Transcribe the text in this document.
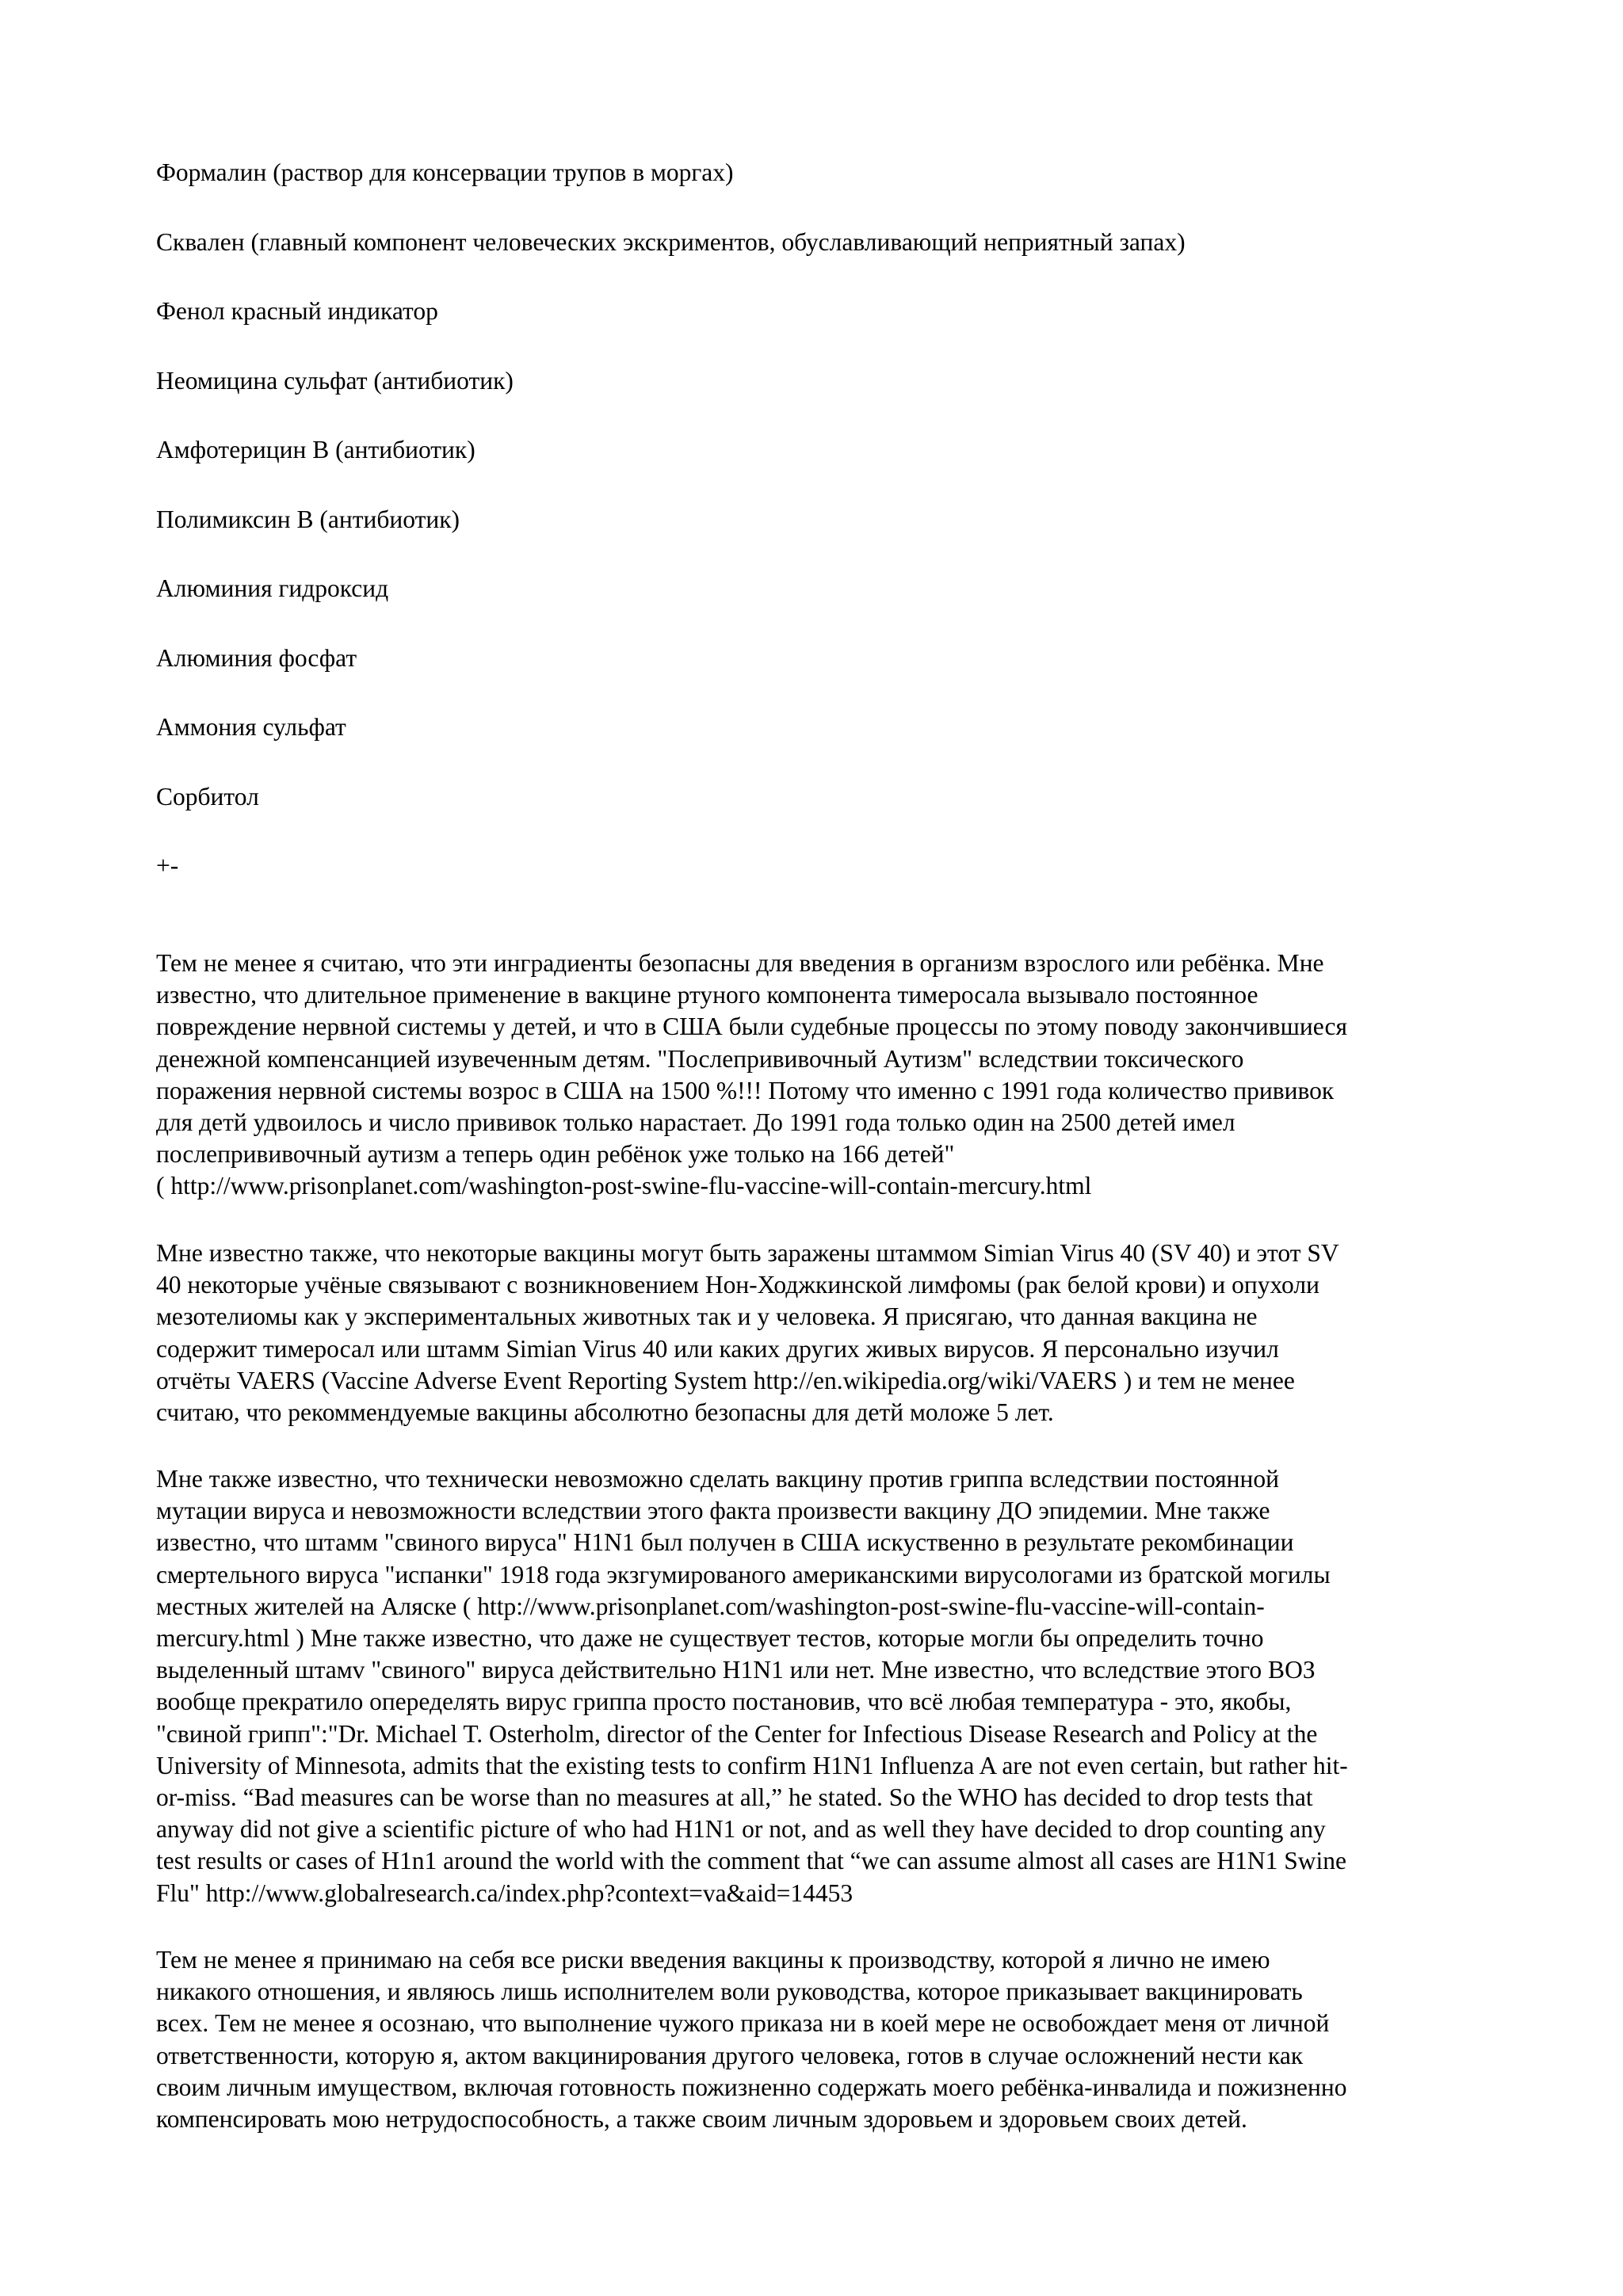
Формалин (раствор для консервации трупов в моргах)
Сквален (главный компонент человеческих экскриментов, обуславливающий неприятный запах)
Фенол красный индикатор
Неомицина сульфат (антибиотик)
Амфотерицин В (антибиотик)
Полимиксин В (антибиотик)
Алюминия гидроксид
Алюминия фосфат
Аммония сульфат
Сорбитол
+-

Тем не менее я считаю, что эти инградиенты безопасны для введения в организм взрослого или ребёнка. Мне
известно, что длительное применение в вакцине ртуного компонента тимеросала вызывало постоянное
повреждение нервной системы у детей, и что в США были судебные процессы по этому поводу закончившиеся
денежной компенсанцией изувеченным детям. "Послепрививочный Аутизм" вследствии токсического
поражения нервной системы возрос в США на 1500 %!!! Потому что именно с 1991 года количество прививок
для детй удвоилось и число прививок только нарастает. До 1991 года только один на 2500 детей имел
послепрививочный аутизм а теперь один ребёнок уже только на 166 детей"
( http://www.prisonplanet.com/washington-post-swine-flu-vaccine-will-contain-mercury.html

Мне известно также, что некоторые вакцины могут быть заражены штаммом Simian Virus 40 (SV 40) и этот SV
40 некоторые учёные связывают с возникновением Нон-Ходжкинской лимфомы (рак белой крови) и опухоли
мезотелиомы как у экспериментальных животных так и у человека. Я присягаю, что данная вакцина не
содержит тимеросал или штамм Simian Virus 40 или каких других живых вирусов. Я персонально изучил
отчёты VAERS (Vaccine Adverse Event Reporting System http://en.wikipedia.org/wiki/VAERS ) и тем не менее
считаю, что рекоммендуемые вакцины абсолютно безопасны для детй моложе 5 лет.

Мне также известно, что технически невозможно сделать вакцину против гриппа вследствии постоянной
мутации вируса и невозможности вследствии этого факта произвести вакцину ДО эпидемии. Мне также
известно, что штамм "свиного вируса" H1N1 был получен в США искуственно в результате рекомбинации
смертельного вируса "испанки" 1918 года экзгумированого американскими вирусологами из братской могилы
местных жителей на Аляске ( http://www.prisonplanet.com/washington-post-swine-flu-vaccine-will-contain-
mercury.html ) Мне также известно, что даже не существует тестов, которые могли бы определить точно
выделенный штамv "свиного" вируса действительно H1N1 или нет. Мне известно, что вследствие этого ВОЗ
вообще прекратило опеределять вирус гриппа просто постановив, что всё любая температура - это, якобы,
"свиной грипп":"Dr. Michael T. Osterholm, director of the Center for Infectious Disease Research and Policy at the
University of Minnesota, admits that the existing tests to confirm H1N1 Influenza A are not even certain, but rather hit-
or-miss. “Bad measures can be worse than no measures at all,” he stated. So the WHO has decided to drop tests that
anyway did not give a scientific picture of who had H1N1 or not, and as well they have decided to drop counting any
test results or cases of H1n1 around the world with the comment that “we can assume almost all cases are H1N1 Swine
Flu" http://www.globalresearch.ca/index.php?context=va&aid=14453

Тем не менее я принимаю на себя все риски введения вакцины к производству, которой я лично не имею
никакого отношения, и являюсь лишь исполнителем воли руководства, которое приказывает вакцинировать
всех. Тем не менее я осознаю, что выполнение чужого приказа ни в коей мере не освобождает меня от личной
ответственности, которую я, актом вакцинирования другого человека, готов в случае осложнений нести как
своим личным имуществом, включая готовность пожизненно содержать моего ребёнка-инвалида и пожизненно
компенсировать мою нетрудоспособность, а также своим личным здоровьем и здоровьем своих детей.
